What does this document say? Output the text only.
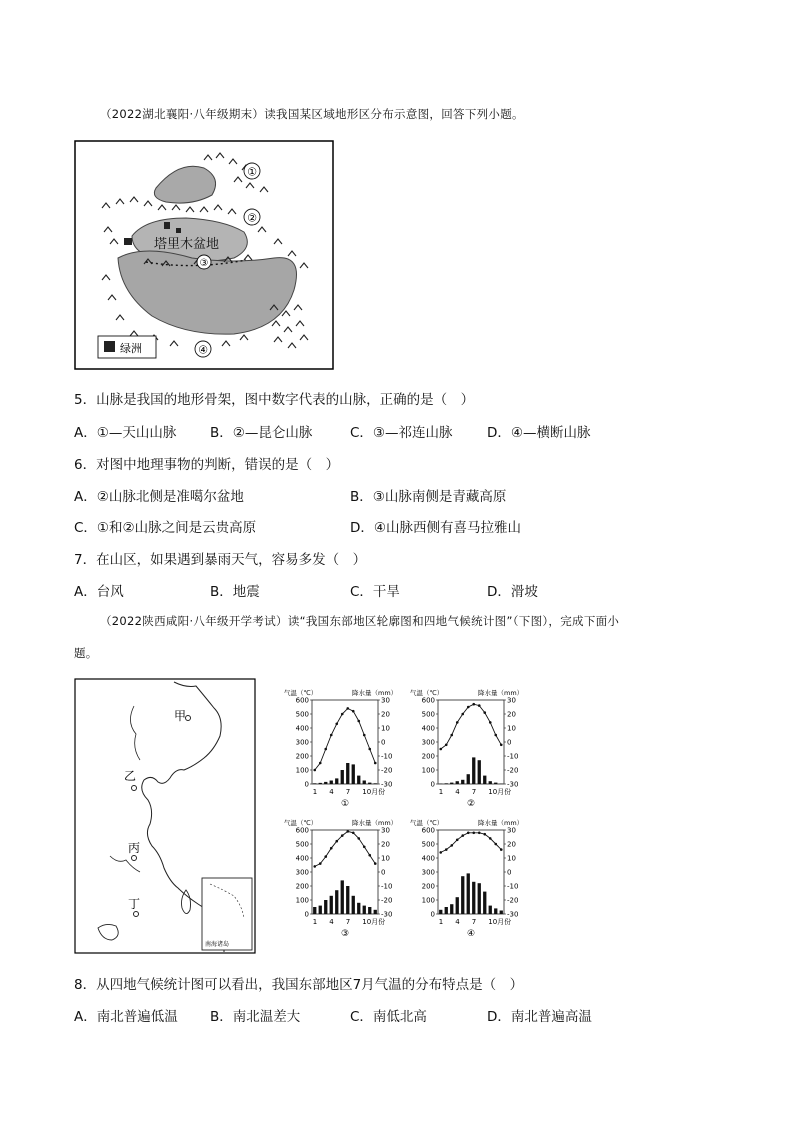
（2022湖北襄阳·八年级期末）读我国某区域地形区分布示意图，回答下列小题。
塔里木盆地
①
②
③
④
绿洲
5．山脉是我国的地形骨架，图中数字代表的山脉，正确的是（　）
A．①—天山山脉 B．②—昆仑山脉	C．③—祁连山脉	D．④—横断山脉
6．对图中地理事物的判断，错误的是（　）
A．②山脉北侧是准噶尔盆地	B．③山脉南侧是青藏高原
C．①和②山脉之间是云贵高原	D．④山脉西侧有喜马拉雅山
7．在山区，如果遇到暴雨天气，容易多发（　）
A．台风	B．地震	C．干旱	D．滑坡
（2022陕西咸阳·八年级开学考试）读“我国东部地区轮廓图和四地气候统计图”（下图），完成下面小
题。
甲
乙
丙
丁
南海诸岛
气温（℃）	降水量（mm）
600
500
400
300
200
100
0
30
20
10
0
-10
-20
-30
1 4 7 10月份
①
气温（℃）	降水量（mm）
600
500
400
300
200
100
0
30
20
10
0
-10
-20
-30
1 4 7 10月份
②
气温（℃）	降水量（mm）
600
500
400
300
200
100
0
30
20
10
0
-10
-20
-30
1 4 7 10月份
③
气温（℃）	降水量（mm）
600
500
400
300
200
100
0
30
20
10
0
-10
-20
-30
1 4 7 10月份
④
8．从四地气候统计图可以看出，我国东部地区7月气温的分布特点是（　）
A．南北普遍低温 B．南北温差大	C．南低北高	D．南北普遍高温
